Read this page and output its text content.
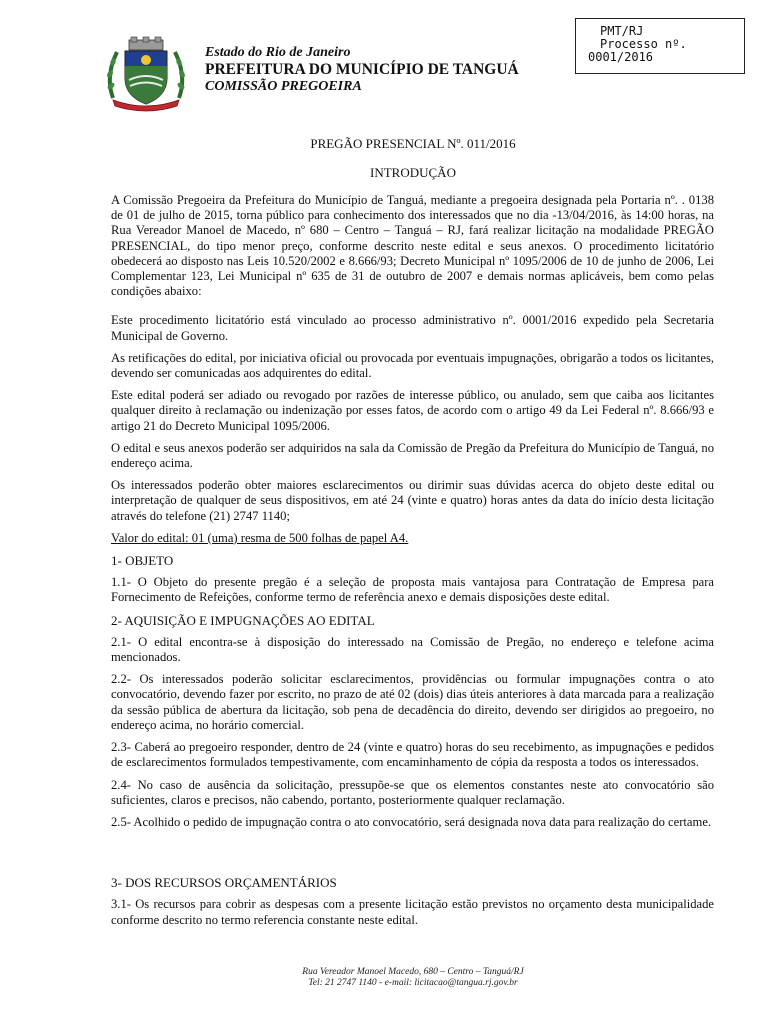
Estado do Rio de Janeiro
PREFEITURA DO MUNICÍPIO DE TANGUÁ
COMISSÃO PREGOEIRA
PMT/RJ
Processo nº.
0001/2016
PREGÃO PRESENCIAL Nº. 011/2016
INTRODUÇÃO

A Comissão Pregoeira da Prefeitura do Município de Tanguá, mediante a pregoeira designada pela Portaria nº. . 0138 de 01 de julho de 2015, torna público para conhecimento dos interessados que no dia -13/04/2016, às 14:00 horas, na Rua Vereador Manoel de Macedo, nº 680 – Centro – Tanguá – RJ, fará realizar licitação na modalidade PREGÃO PRESENCIAL, do tipo menor preço, conforme descrito neste edital e seus anexos. O procedimento licitatório obedecerá ao disposto nas Leis 10.520/2002 e 8.666/93; Decreto Municipal nº 1095/2006 de 10 de junho de 2006, Lei Complementar 123, Lei Municipal nº 635 de 31 de outubro de 2007 e demais normas aplicáveis, bem como pelas condições abaixo:

Este procedimento licitatório está vinculado ao processo administrativo nº. 0001/2016 expedido pela Secretaria Municipal de Governo.

As retificações do edital, por iniciativa oficial ou provocada por eventuais impugnações, obrigarão a todos os licitantes, devendo ser comunicadas aos adquirentes do edital.

Este edital poderá ser adiado ou revogado por razões de interesse público, ou anulado, sem que caiba aos licitantes qualquer direito à reclamação ou indenização por esses fatos, de acordo com o artigo 49 da Lei Federal nº. 8.666/93 e artigo 21 do Decreto Municipal 1095/2006.

O edital e seus anexos poderão ser adquiridos na sala da Comissão de Pregão da Prefeitura do Município de Tanguá, no endereço acima.

Os interessados poderão obter maiores esclarecimentos ou dirimir suas dúvidas acerca do objeto deste edital ou interpretação de qualquer de seus dispositivos, em até 24 (vinte e quatro) horas antes da data do início desta licitação através do telefone (21) 2747 1140;

Valor do edital: 01 (uma) resma de 500 folhas de papel A4.

1- OBJETO

1.1- O Objeto do presente pregão é a seleção de proposta mais vantajosa para Contratação de Empresa para Fornecimento de Refeições, conforme termo de referência anexo e demais disposições deste edital.

2- AQUISIÇÃO E IMPUGNAÇÕES AO EDITAL

2.1- O edital encontra-se à disposição do interessado na Comissão de Pregão, no endereço e telefone acima mencionados.

2.2- Os interessados poderão solicitar esclarecimentos, providências ou formular impugnações contra o ato convocatório, devendo fazer por escrito, no prazo de até 02 (dois) dias úteis anteriores à data marcada para a realização da sessão pública de abertura da licitação, sob pena de decadência do direito, devendo ser dirigidos ao pregoeiro, no endereço acima, no horário comercial.

2.3- Caberá ao pregoeiro responder, dentro de 24 (vinte e quatro) horas do seu recebimento, as impugnações e pedidos de esclarecimentos formulados tempestivamente, com encaminhamento de cópia da resposta a todos os interessados.

2.4- No caso de ausência da solicitação, pressupõe-se que os elementos constantes neste ato convocatório são suficientes, claros e precisos, não cabendo, portanto, posteriormente qualquer reclamação.

2.5- Acolhido o pedido de impugnação contra o ato convocatório, será designada nova data para realização do certame.

3- DOS RECURSOS ORÇAMENTÁRIOS

3.1- Os recursos para cobrir as despesas com a presente licitação estão previstos no orçamento desta municipalidade conforme descrito no termo referencia constante neste edital.

Rua Vereador Manoel Macedo, 680 – Centro – Tanguá/RJ
Tel: 21 2747 1140 - e-mail: licitacao@tangua.rj.gov.br
